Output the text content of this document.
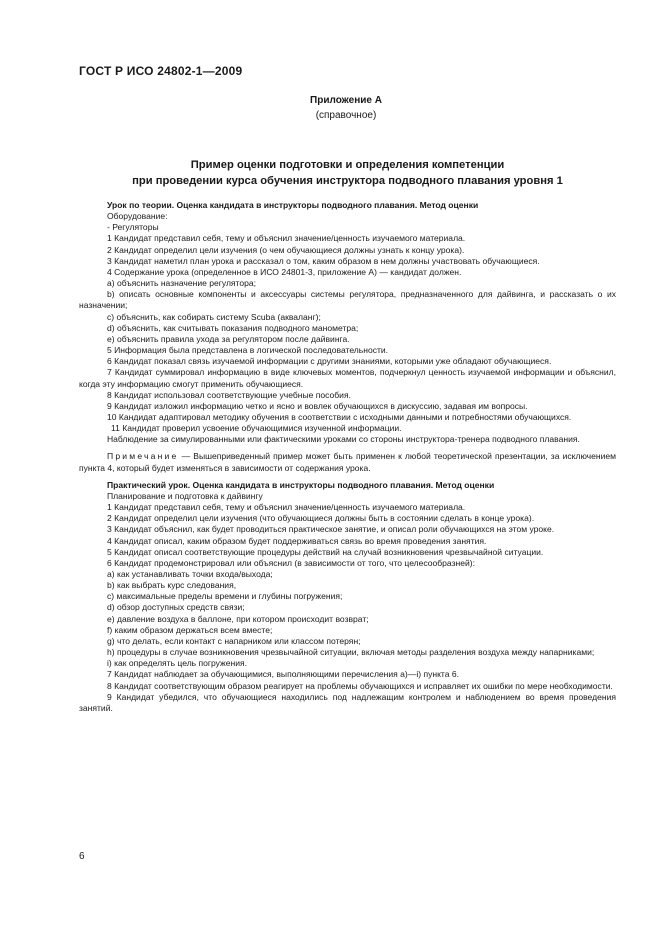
ГОСТ Р ИСО 24802-1—2009
Приложение А
(справочное)
Пример оценки подготовки и определения компетенции
при проведении курса обучения инструктора подводного плавания уровня 1

Урок по теории. Оценка кандидата в инструкторы подводного плавания. Метод оценки

Оборудование:

- Регуляторы

1 Кандидат представил себя, тему и объяснил значение/ценность изучаемого материала.

2 Кандидат определил цели изучения (о чем обучающиеся должны узнать к концу урока).

3 Кандидат наметил план урока и рассказал о том, каким образом в нем должны участвовать обучающиеся.

4 Содержание урока (определенное в ИСО 24801-3, приложение А) — кандидат должен.

a) объяснить назначение регулятора;

b) описать основные компоненты и аксессуары системы регулятора, предназначенного для дайвинга, и рассказать о их назначении;

c) объяснить, как собирать систему Scuba (акваланг);

d) объяснить, как считывать показания подводного манометра;

e) объяснить правила ухода за регулятором после дайвинга.

5 Информация была представлена в логической последовательности.

6 Кандидат показал связь изучаемой информации с другими знаниями, которыми уже обладают обучающиеся.

7 Кандидат суммировал информацию в виде ключевых моментов, подчеркнул ценность изучаемой информации и объяснил, когда эту информацию смогут применить обучающиеся.

8 Кандидат использовал соответствующие учебные пособия.

9 Кандидат изложил информацию четко и ясно и вовлек обучающихся в дискуссию, задавая им вопросы.

10 Кандидат адаптировал методику обучения в соответствии с исходными данными и потребностями обучающихся.

11 Кандидат проверил усвоение обучающимися изученной информации.

Наблюдение за симулированными или фактическими уроками со стороны инструктора-тренера подводного плавания.

Примечание — Вышеприведенный пример может быть применен к любой теоретической презентации, за исключением пункта 4, который будет изменяться в зависимости от содержания урока.

Практический урок. Оценка кандидата в инструкторы подводного плавания. Метод оценки

Планирование и подготовка к дайвингу

1 Кандидат представил себя, тему и объяснил значение/ценность изучаемого материала.

2 Кандидат определил цели изучения (что обучающиеся должны быть в состоянии сделать в конце урока).

3 Кандидат объяснил, как будет проводиться практическое занятие, и описал роли обучающихся на этом уроке.

4 Кандидат описал, каким образом будет поддерживаться связь во время проведения занятия.

5 Кандидат описал соответствующие процедуры действий на случай возникновения чрезвычайной ситуации.

6 Кандидат продемонстрировал или объяснил (в зависимости от того, что целесообразней):

a) как устанавливать точки входа/выхода;

b) как выбрать курс следования,

c) максимальные пределы времени и глубины погружения;

d) обзор доступных средств связи;

e) давление воздуха в баллоне, при котором происходит возврат;

f) каким образом держаться всем вместе;

g) что делать, если контакт с напарником или классом потерян;

h) процедуры в случае возникновения чрезвычайной ситуации, включая методы разделения воздуха между напарниками;

i) как определять цель погружения.

7 Кандидат наблюдает за обучающимися, выполняющими перечисления а)—i) пункта 6.

8 Кандидат соответствующим образом реагирует на проблемы обучающихся и исправляет их ошибки по мере необходимости.

9 Кандидат убедился, что обучающиеся находились под надлежащим контролем и наблюдением во время проведения занятий.

6
